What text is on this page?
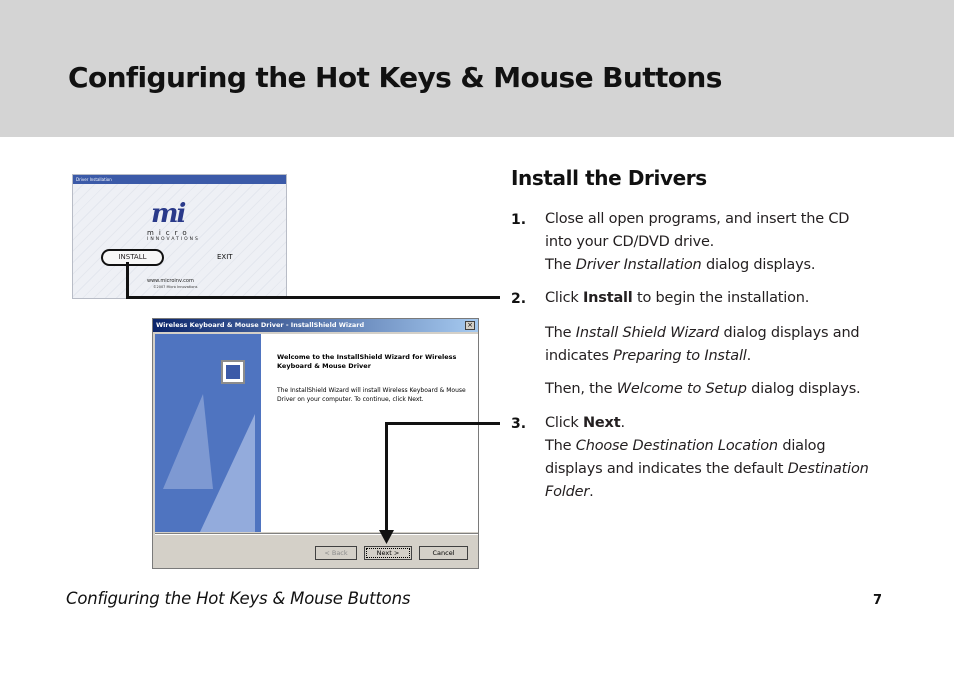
Configuring the Hot Keys & Mouse Buttons
Driver Installation
mi
micro
INNOVATIONS
INSTALL	EXIT
www.microinv.com
©2007 Micro Innovations
Wireless Keyboard & Mouse Driver - InstallShield Wizard	×
Welcome to the InstallShield Wizard for Wireless Keyboard & Mouse Driver
The InstallShield Wizard will install Wireless Keyboard & Mouse Driver on your computer. To continue, click Next.
< Back	Next >	Cancel
Install the Drivers
1. Close all open programs, and insert the CD
into your CD/DVD drive.
The Driver Installation dialog displays.
2. Click Install to begin the installation.
The Install Shield Wizard dialog displays and
indicates Preparing to Install.
Then, the Welcome to Setup dialog displays.
3. Click Next.
The Choose Destination Location dialog
displays and indicates the default Destination
Folder.
Configuring the Hot Keys & Mouse Buttons	7
